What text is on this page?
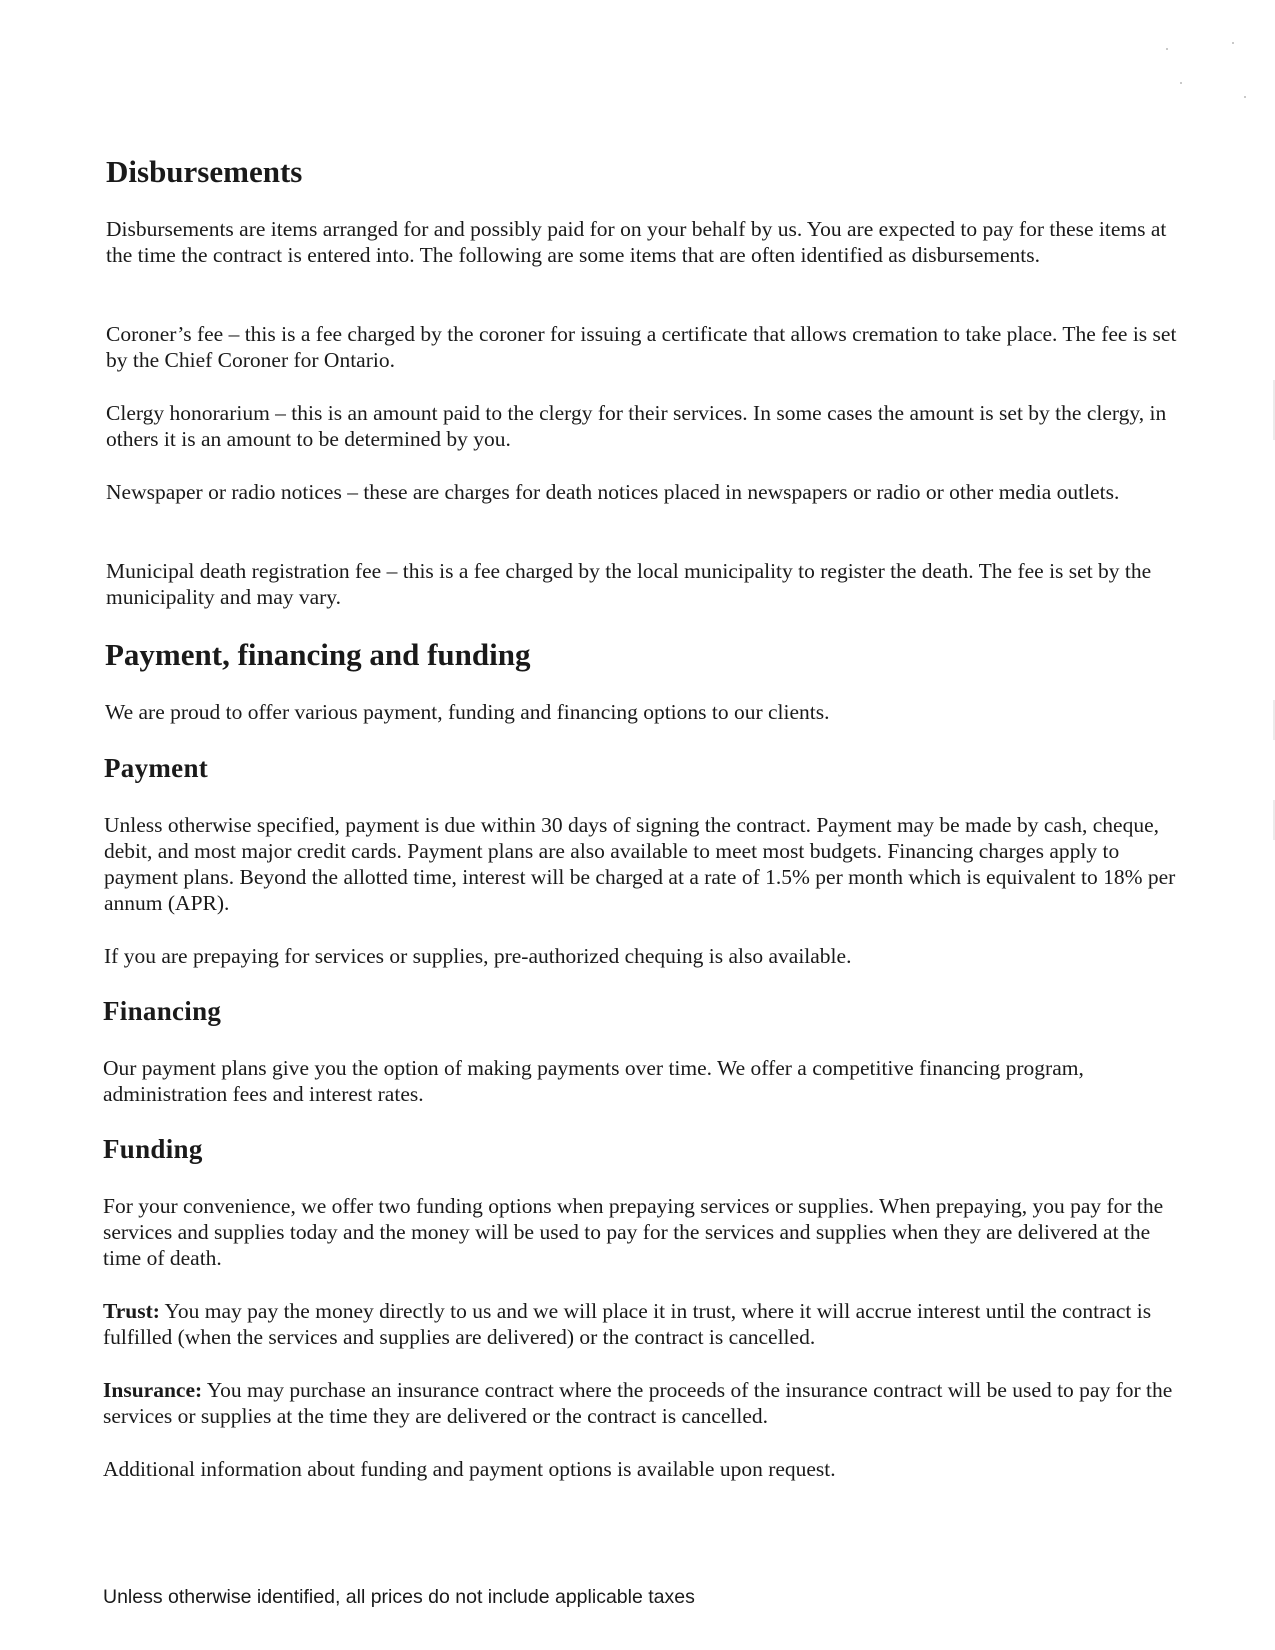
Disbursements

Disbursements are items arranged for and possibly paid for on your behalf by us. You are expected to pay for these items at the time the contract is entered into. The following are some items that are often identified as disbursements.

Coroner’s fee – this is a fee charged by the coroner for issuing a certificate that allows cremation to take place. The fee is set by the Chief Coroner for Ontario.

Clergy honorarium – this is an amount paid to the clergy for their services. In some cases the amount is set by the clergy, in others it is an amount to be determined by you.

Newspaper or radio notices – these are charges for death notices placed in newspapers or radio or other media outlets.

Municipal death registration fee – this is a fee charged by the local municipality to register the death. The fee is set by the municipality and may vary.

Payment, financing and funding

We are proud to offer various payment, funding and financing options to our clients.

Payment

Unless otherwise specified, payment is due within 30 days of signing the contract. Payment may be made by cash, cheque, debit, and most major credit cards. Payment plans are also available to meet most budgets. Financing charges apply to payment plans. Beyond the allotted time, interest will be charged at a rate of 1.5% per month which is equivalent to 18% per annum (APR).

If you are prepaying for services or supplies, pre-authorized chequing is also available.

Financing

Our payment plans give you the option of making payments over time. We offer a competitive financing program, administration fees and interest rates.

Funding

For your convenience, we offer two funding options when prepaying services or supplies. When prepaying, you pay for the services and supplies today and the money will be used to pay for the services and supplies when they are delivered at the time of death.

Trust: You may pay the money directly to us and we will place it in trust, where it will accrue interest until the contract is fulfilled (when the services and supplies are delivered) or the contract is cancelled.

Insurance: You may purchase an insurance contract where the proceeds of the insurance contract will be used to pay for the services or supplies at the time they are delivered or the contract is cancelled.

Additional information about funding and payment options is available upon request.

Unless otherwise identified, all prices do not include applicable taxes
